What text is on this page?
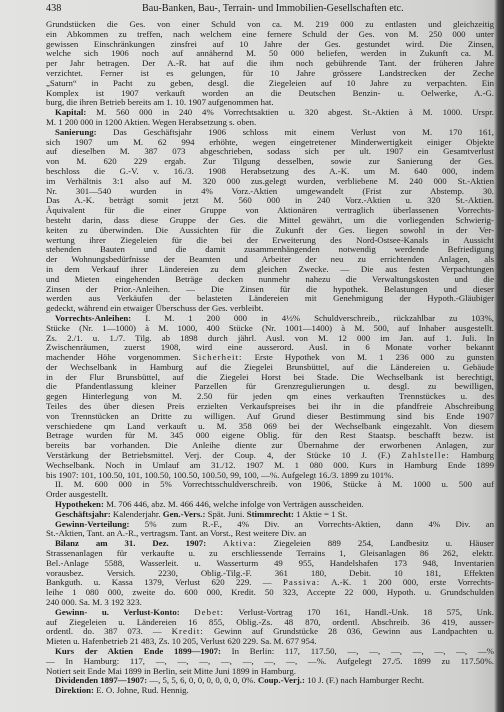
438	Bau-Banken, Bau-, Terrain- und Immobilien-Gesellschaften etc.
Grundstücken die Ges. von einer Schuld von ca. M. 219 000 zu entlasten und gleichzeitig
ein Abkommen zu treffen, nach welchem eine fernere Schuld der Ges. von M. 250 000 unter
gewissen Einschränkungen zinsfrei auf 10 Jahre der Ges. gestundet wird. Die Zinsen,
welche sich 1906 noch auf annähernd M. 50 000 beliefen, werden in Zukunft ca. M.
per Jahr betragen. Der A.-R. hat auf die ihm noch gebührende Tant. der früheren Jahre
verzichtet. Ferner ist es gelungen, für 10 Jahre grössere Landstrecken der Zeche
„Saturn“ in Pacht zu geben, desgl. die Ziegeleien auf 10 Jahre zu verpachten. Ein
Komplex ist 1907 verkauft worden an die Deutschen Benzin- u. Oelwerke, A.-G.
burg, die ihren Betrieb bereits am 1. 10. 1907 aufgenommen hat.
Kapital: M. 560 000 in 240 4% Vorrechtsaktien u. 320 abgest. St.-Aktien à M. 1000. Urspr.
M. 1 200 000 in 1200 Aktien. Wegen Herabsetzung s. oben.
Sanierung: Das Geschäftsjahr 1906 schloss mit einem Verlust von M. 170 161,
sich 1907 um M. 62 994 erhöhte, wegen eingetretener Minderwertigkeit einiger Objekte
auf dieselben M. 387 073 abgeschrieben, sodass sich per ult. 1907 ein Gesamtverlust
von M. 620 229 ergab. Zur Tilgung desselben, sowie zur Sanierung der Ges.
beschloss die G.-V. v. 16./3. 1908 Herabsetzung des A.-K. um M. 640 000, indem
im Verhältnis 3:1 also auf M. 320 000 zus.gelegt wurden, verbliebene M. 240 000 St.-Aktien
Nr. 301—540 wurden in 4% Vorz.-Aktien umgewandelt (Frist zur Abstemp. 30.
Das A.-K. beträgt somit jetzt M. 560 000 in 240 Vorz.-Aktien u. 320 St.-Aktien.
Äquivalent für die einer Gruppe von Aktionären vertraglich überlassenen Vorrechts-
besteht darin, dass diese Gruppe der Ges. die Mittel gewährt, um die vorliegenden Schwierig-
keiten zu überwinden. Die Aussichten für die Zukunft der Ges. liegen sowohl in der Ver-
wertung ihrer Ziegeleien für die bei der Erweiterung des Nord-Ostsee-Kanals in Aussicht
stehenden Bauten und die damit zusammenhängenden notwendig werdende Befriedigung
der Wohnungsbedürfnisse der Beamten und Arbeiter der neu zu errichtenden Anlagen, als
in dem Verkauf ihrer Ländereien zu dem gleichen Zwecke. — Die aus festen Verpachtungen
und Mieten eingehenden Beträge decken nunmehr nahezu die Verwaltungskosten und die
Zinsen der Prior.-Anleihen. — Die Zinsen für die hypothek. Belastungen und dieser
werden aus Verkäufen der belasteten Ländereien mit Genehmigung der Hypoth.-Gläubiger
gedeckt, während ein etwaiger Überschuss der Ges. verbleibt.
Vorrechts-Anleihen: I. M. 1 200 000 in 4½% Schuldverschreib., rückzahlbar zu 103%,
Stücke (Nr. 1—1000) à M. 1000, 400 Stücke (Nr. 1001—1400) à M. 500, auf Inhaber ausgestellt.
Zs. 2./1. u. 1./7. Tilg. ab 1898 durch jährl. Ausl. von M. 12 000 im Jan. auf 1. Juli. In
Zwischenräumen, zuerst 1908, wird eine ausserord. Ausl. in 6 Monate vorher bekannt
machender Höhe vorgenommen. Sicherheit: Erste Hypothek von M. 1 236 000 zu gunsten
der Wechselbank in Hamburg auf die Ziegelei Brunsbüttel, auf die Ländereien u. Gebäude
in der Flur Brunsbüttel, auf die Ziegelei Horst bei Stade. Die Wechselbank ist berechtigt,
die Pfandentlassung kleiner Parzellen für Grenzregulierungen u. desgl. zu bewilligen,
gegen Hinterlegung von M. 2.50 für jeden qm eines verkauften Trennstückes u. des
Teiles des über diesen Preis erzielten Verkaufspreises bei ihr in die pfandfreie Abschreibung
von Trennstücken an Dritte zu willigen. Auf Grund dieser Bestimmung sind bis Ende 1907
verschiedene qm Land verkauft u. M. 358 069 bei der Wechselbank eingezahlt. Von diesem
Betrage wurden für M. 345 000 eigene Oblig. für den Rest Staatsp. beschafft bezw. ist
bereits bar vorhanden. Die Anleihe diente zur Übernahme der erworbenen Anlagen, zur
Verstärkung der Betriebsmittel. Verj. der Coup. 4, der Stücke 10 J. (F.) Zahlstelle: Hamburg
Wechselbank. Noch in Umlauf am 31./12. 1907 M. 1 080 000. Kurs in Hamburg Ende 1899
bis 1907: 101, 100.50, 101, 100.50, 100.50, 100.50, 99, 100, —%. Aufgelegt 16./3. 1899 zu 101%.
II. M. 600 000 in 5% Vorrechtsschuldverschreib. von 1906, Stücke à M. 1000 u. 500 auf
Order ausgestellt.
Hypotheken: M. 706 446, abz. M. 466 446, welche infolge von Verträgen ausscheiden.
Geschäftsjahr: Kalenderjahr. Gen.-Vers.: Spät. Juni. Stimmrecht: 1 Aktie = 1 St.
Gewinn-Verteilung: 5% zum R.-F., 4% Div. an Vorrechts-Aktien, dann 4% Div. an
St.-Aktien, Tant. an A.-R., vertragsm. Tant. an Vorst., Rest weitere Div. an
Bilanz am 31. Dez. 1907: Aktiva: Ziegeleien 889 254, Landbesitz u. Häuser
Strassenanlagen für verkaufte u. zu erschliessende Terrains 1, Gleisanlagen 86 262, elektr.
Bel.-Anlage 5588, Wasserleit. u. Wasserturm 49 955, Handelshafen 173 948, Inventarien
vorausbez. Versich. 2230, Oblig.-Tilg.-F. 361 180, Debit. 10 181, Effekten
Bankguth. u. Kassa 1379, Verlust 620 229. — Passiva: A.-K. 1 200 000, erste Vorrechts-
leihe 1 080 000, zweite do. 600 000, Kredit. 50 323, Accepte 22 000, Hypoth. u. Grundschulden
240 000. Sa. M. 3 192 323.
Gewinn- u. Verlust-Konto: Debet: Verlust-Vortrag 170 161, Handl.-Unk. 18 575, Unk.
auf Ziegeleien u. Ländereien 16 855, Oblig.-Zs. 48 870, ordentl. Abschreib. 36 419, ausser-
ordentl. do. 387 073. — Kredit: Gewinn auf Grundstücke 28 036, Gewinn aus Landpachten u.
Mieten u. Hafenbetrieb 21 483, Zs. 10 205, Verlust 620 229. Sa. M. 677 954.
Kurs der Aktien Ende 1899—1907: In Berlin: 117, 117.50, —, —, —, —, —, —, —%
— In Hamburg: 117, —, —, —, —, —, —, —, —%. Aufgelegt 27./5. 1899 zu 117.50%.
Notiert seit Ende Mai 1899 in Berlin, seit Mitte Juni 1899 in Hamburg.
Dividenden 1897—1907: —, 5, 5, 6, 0, 0, 0, 0, 0, 0, 0%. Coup.-Verj.: 10 J. (F.) nach Hamburger Recht.
Direktion: E. O. Johne, Rud. Hennig.
